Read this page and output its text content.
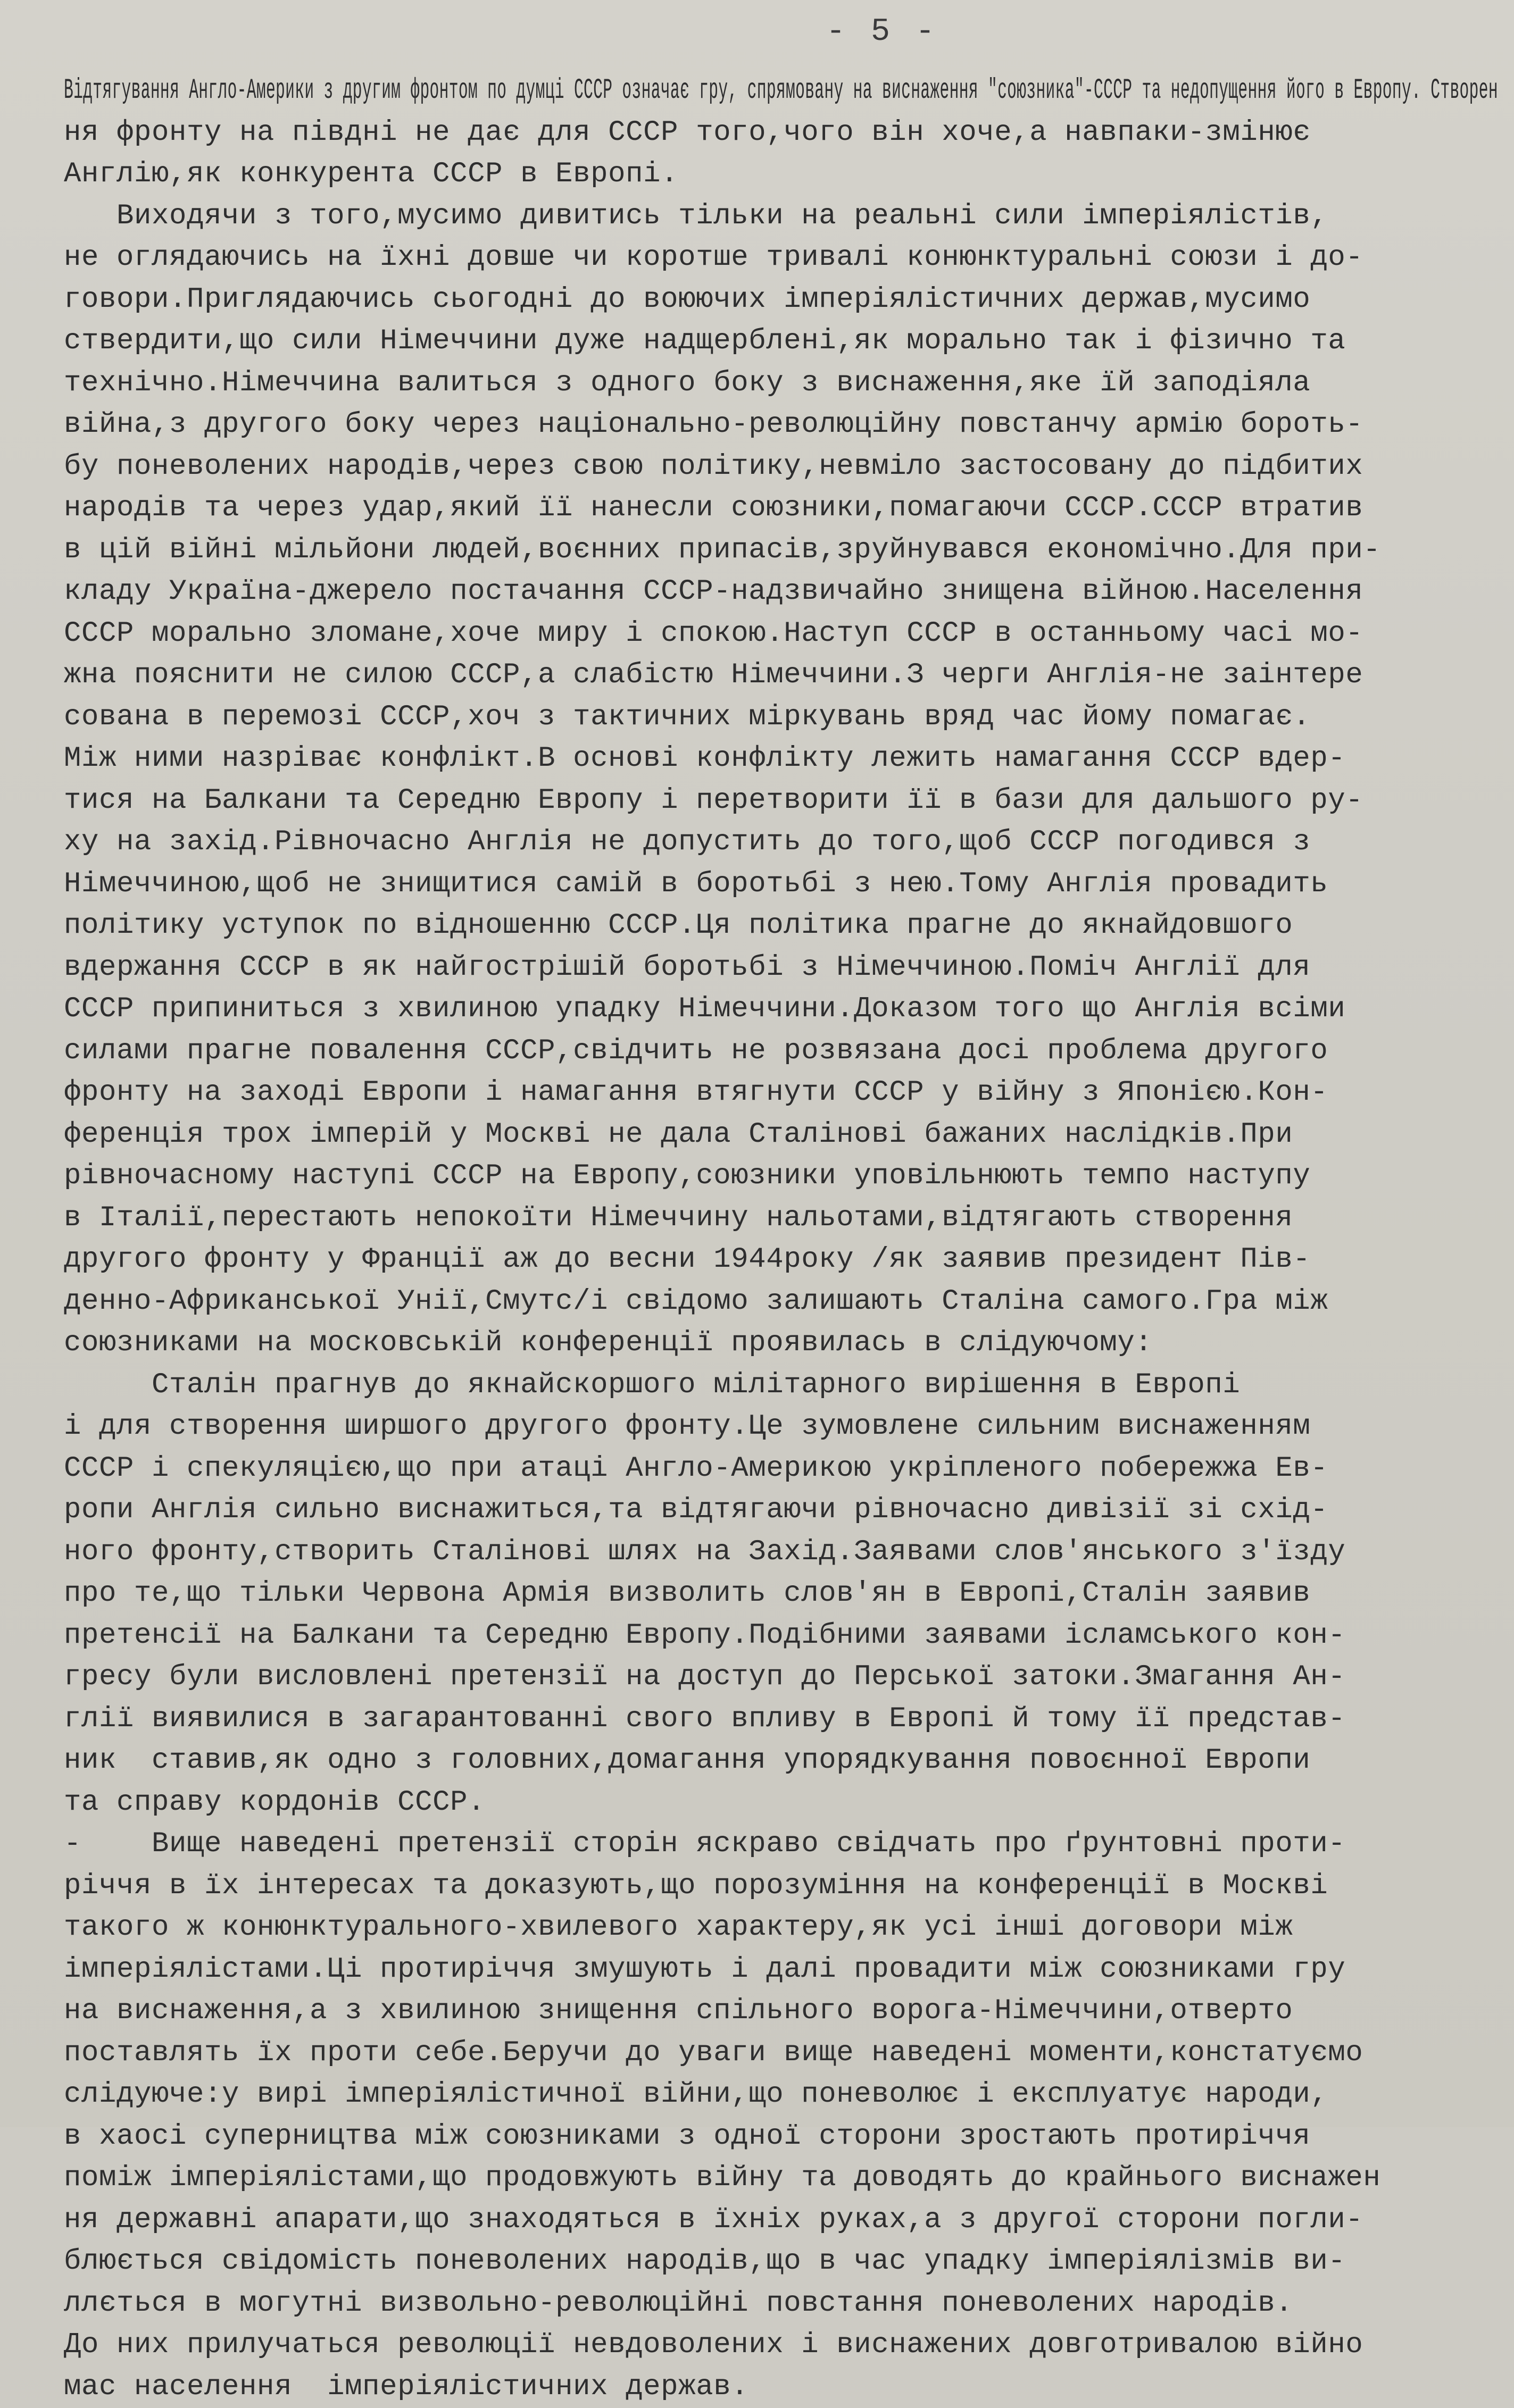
- 5 -
Відтягування Англо-Америки з другим фронтом по думці СССР означає гру, спрямовану на виснаження "союзника"-СССР та недопущення його в Европу. Створен
ня фронту на півдні не дає для СССР того,чого він хоче,а навпаки-змінює
Англію,як конкурента СССР в Европі.
Виходячи з того,мусимо дивитись тільки на реальні сили імперіялістів,
не оглядаючись на їхні довше чи коротше тривалі конюнктуральні союзи і до-
говори.Приглядаючись сьогодні до воюючих імперіялістичних держав,мусимо
ствердити,що сили Німеччини дуже надщерблені,як морально так і фізично та
технічно.Німеччина валиться з одного боку з виснаження,яке їй заподіяла
війна,з другого боку через національно-революційну повстанчу армію борoть-
бу поневолених народів,через свою політику,невміло застосовану до підбитих
народів та через удар,який її нанесли союзники,помагаючи СССР.СССР втратив
в цій війні мільйони людей,воєнних припасів,зруйнувався економічно.Для при-
кладу Україна-джерело постачання СССР-надзвичайно знищена війною.Населення
СССР морально зломане,хоче миру і спокою.Наступ СССР в останньому часі мо-
жна пояснити не силою СССР,а слабістю Німеччини.З черги Англія-не заінтере
сована в перемозі СССР,хоч з тактичних міркувань вряд час йому помагає.
Між ними назріває конфлікт.В основі конфлікту лежить намагання СССР вдер-
тися на Балкани та Середню Европу і перетворити її в бази для дальшого ру-
ху на захід.Рівночасно Англія не допустить до того,щоб СССР погодився з
Німеччиною,щоб не знищитися самій в боротьбі з нею.Тому Англія провадить
політику уступок по відношенню СССР.Ця політика прагне до якнайдовшого
вдержання СССР в як найгострішій боротьбі з Німеччиною.Поміч Англії для
СССР припиниться з хвилиною упадку Німеччини.Доказом того що Англія всіми
силами прагне повалення СССР,свідчить не розвязана досі проблема другого
фронту на заході Европи і намагання втягнути СССР у війну з Японією.Кон-
ференція трох імперій у Москві не дала Сталінові бажаних наслідків.При
рівночасному наступі СССР на Европу,союзники уповільнюють темпо наступу
в Італії,перестають непокоїти Німеччину нальотами,відтягають створення
другого фронту у Франції аж до весни 1944року /як заявив президент Пів-
денно-Африканської Унії,Смутс/і свідомо залишають Сталіна самого.Гра між
союзниками на московській конференції проявилась в слідуючому:
Сталін прагнув до якнайскоршого мілітарного вирішення в Европі
і для створення ширшого другого фронту.Це зумовлене сильним виснаженням
СССР і спекуляцією,що при атаці Англо-Америкою укріпленого побережжа Ев-
ропи Англія сильно виснажиться,та відтягаючи рівночасно дивізії зі схід-
ного фронту,створить Сталінові шлях на Захід.Заявами слов'янського з'їзду
про те,що тільки Червона Армія визволить слов'ян в Европі,Сталін заявив
претенсії на Балкани та Середню Европу.Подібними заявами ісламського кон-
гресу були висловлені претензії на доступ до Перської затоки.Змагання Ан-
глії виявилися в загарантованні свого впливу в Европі й тому її представ-
ник  ставив,як одно з головних,домагання упорядкування повоєнної Европи
та справу кордонів СССР.
-    Вище наведені претензії сторін яскраво свідчать про ґрунтовні проти-
річчя в їх інтересах та доказують,що порозуміння на конференції в Москві
такого ж конюнктурального-хвилевого характеру,як усі інші договори між
імперіялістами.Ці протиріччя змушують і далі провадити між союзниками гру
на виснаження,а з хвилиною знищення спільного ворога-Німеччини,отверто
поставлять їх проти себе.Беручи до уваги вище наведені моменти,констатуємо
слідуюче:у вирі імперіялістичної війни,що поневолює і експлуатує народи,
в хаосі суперництва між союзниками з одної сторони зростають протиріччя
поміж імперіялістами,що продовжують війну та доводять до крайнього виснажен
ня державні апарати,що знаходяться в їхніх руках,а з другої сторони погли-
блюється свідомість поневолених народів,що в час упадку імперіялізмів ви-
ллється в могутні визвольно-революційні повстання поневолених народів.
До них прилучаться революції невдоволених і виснажених довготривалою війно
мас населення  імперіялістичних держав.
